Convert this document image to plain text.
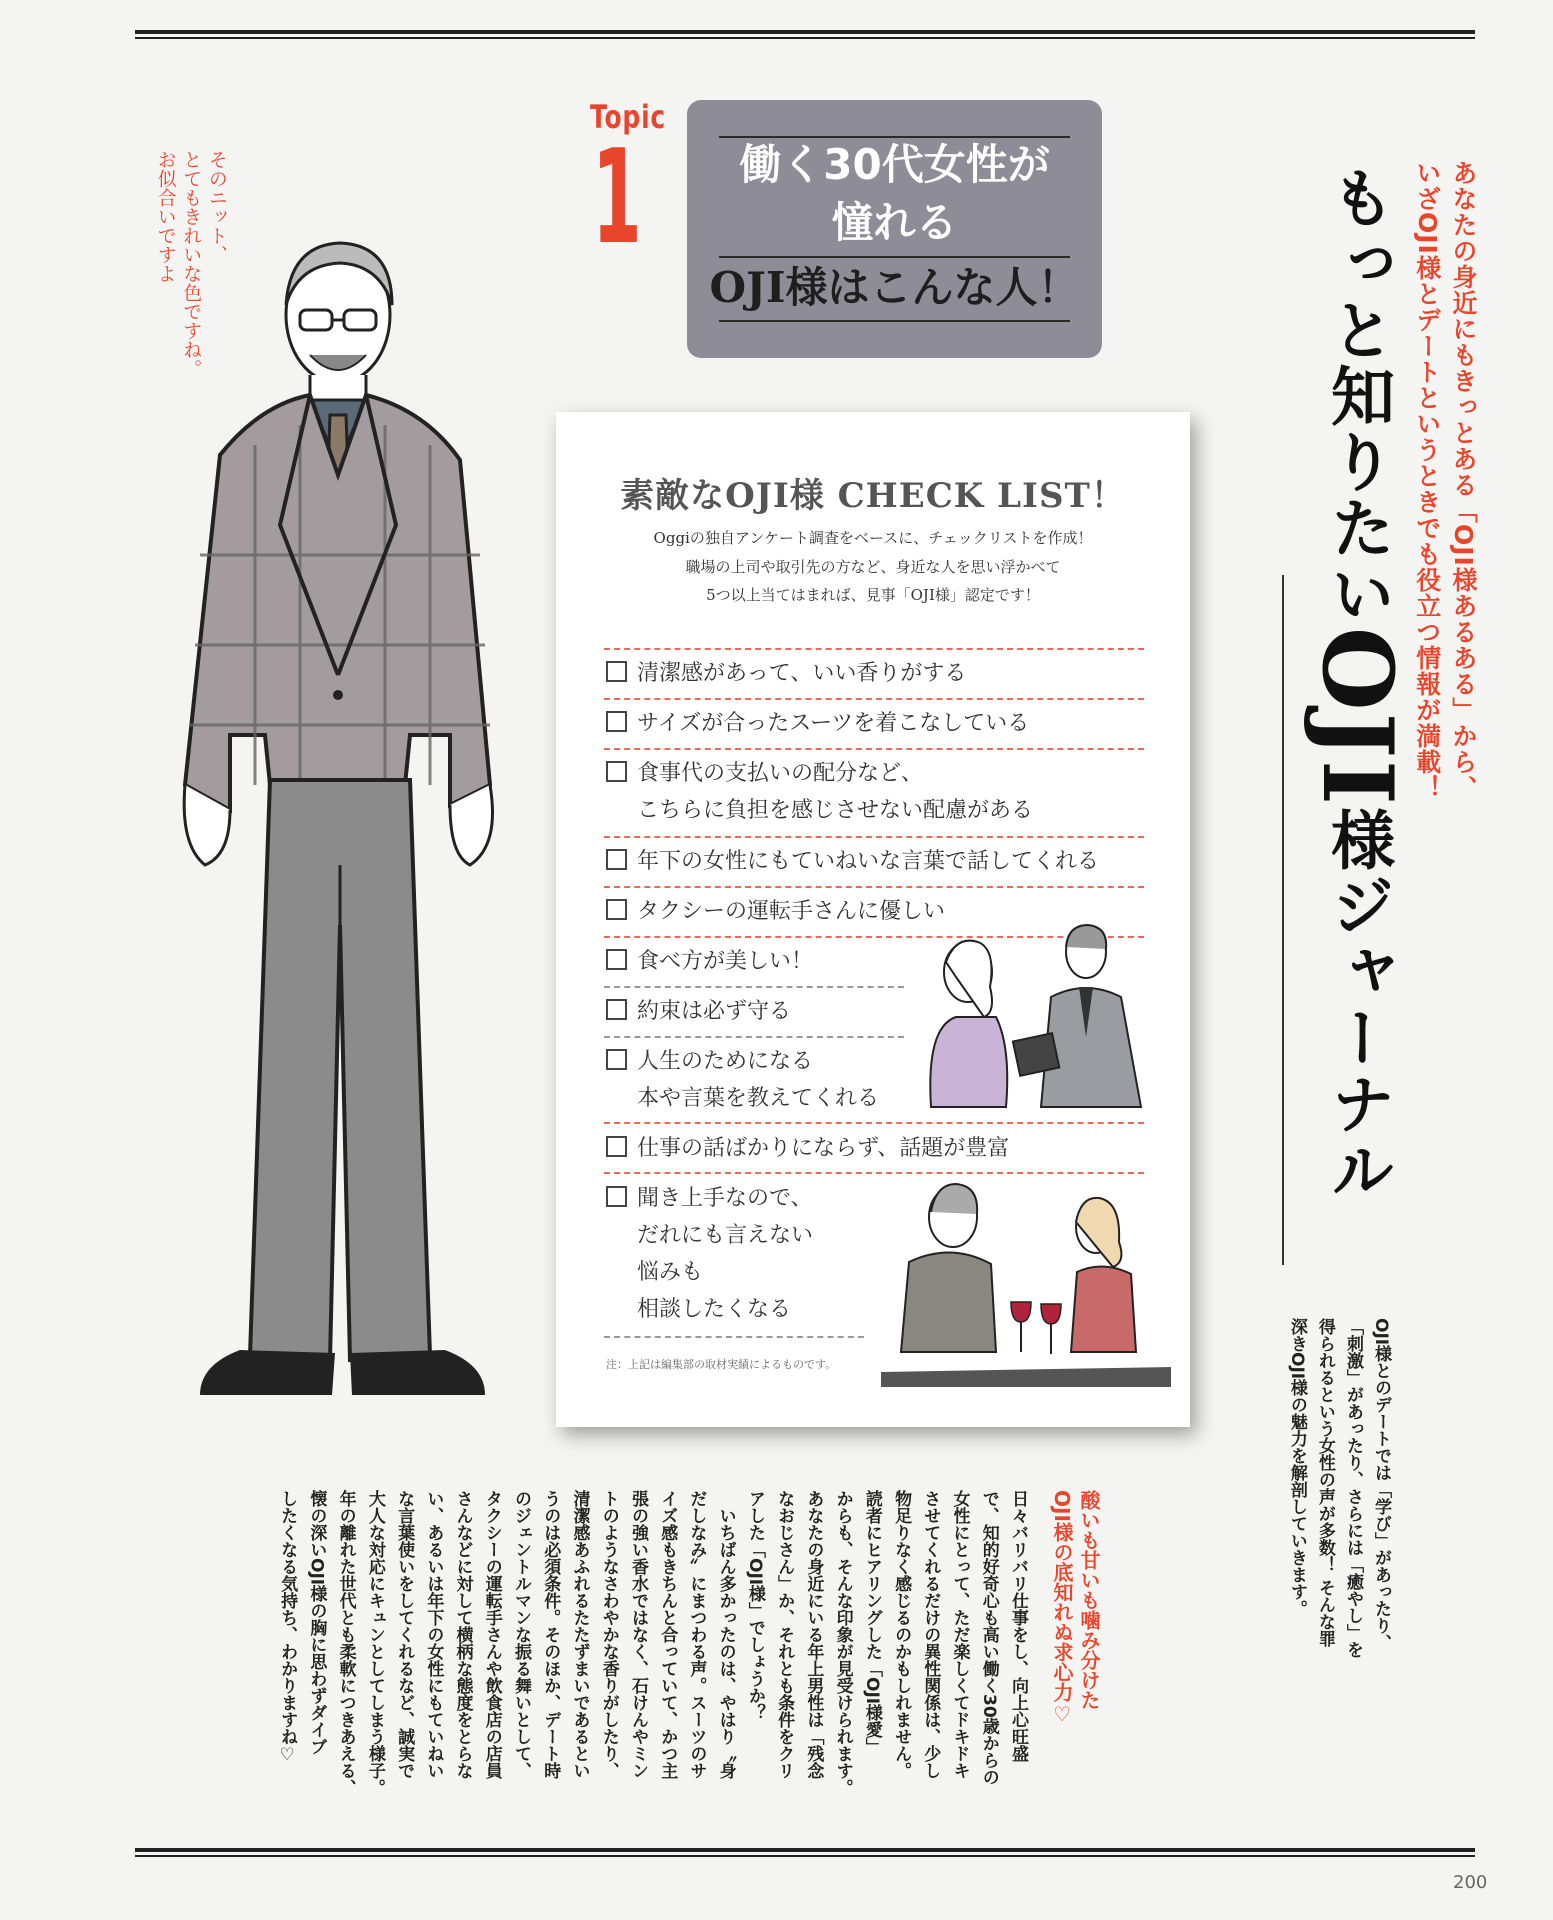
Topic
1	働く30代女性が
憧れる
OJI様はこんな人！	もっと知りたいOJI様ジャーナル
あなたの身近にもきっとある「OJI様あるある」から、
いざOJI様とデートというときでも役立つ情報が満載！
そのニット、
とてもきれいな色ですね。
お似合いですよ
素敵なOJI様 CHECK LIST！
Oggiの独自アンケート調査をベースに、チェックリストを作成！
職場の上司や取引先の方など、身近な人を思い浮かべて
5つ以上当てはまれば、見事「OJI様」認定です！
清潔感があって、いい香りがする
サイズが合ったスーツを着こなしている
食事代の支払いの配分など、
こちらに負担を感じさせない配慮がある
年下の女性にもていねいな言葉で話してくれる
タクシーの運転手さんに優しい
食べ方が美しい！
約束は必ず守る
人生のためになる
本や言葉を教えてくれる
仕事の話ばかりにならず、話題が豊富
聞き上手なので、
だれにも言えない
悩みも
相談したくなる
注：上記は編集部の取材実績によるものです。	OJI様とのデートでは「学び」があったり、
「刺激」があったり、さらには「癒やし」を
得られるという女性の声が多数！ そんな罪
深きOJI様の魅力を解剖していきます。
酸いも甘いも噛み分けた
OJI様の底知れぬ求心力♡
日々バリバリ仕事をし、向上心旺盛
で、知的好奇心も高い働く30歳からの
女性にとって、ただ楽しくてドキドキ
させてくれるだけの異性関係は、少し
物足りなく感じるのかもしれません。
読者にヒアリングした「OJI様愛」
からも、そんな印象が見受けられます。
あなたの身近にいる年上男性は「残念
なおじさん」か、それとも条件をクリ
アした「OJI様」でしょうか？
　いちばん多かったのは、やはり〝身
だしなみ〟にまつわる声。スーツのサ
イズ感もきちんと合っていて、かつ主
張の強い香水ではなく、石けんやミン
トのようなさわやかな香りがしたり、
清潔感あふれるたたずまいであるとい
うのは必須条件。そのほか、デート時
のジェントルマンな振る舞いとして、
タクシーの運転手さんや飲食店の店員
さんなどに対して横柄な態度をとらな
い、あるいは年下の女性にもていねい
な言葉使いをしてくれるなど、誠実で
大人な対応にキュンとしてしまう様子。
年の離れた世代とも柔軟につきあえる、
懐の深いOJI様の胸に思わずダイブ
したくなる気持ち、わかりますね♡
200
